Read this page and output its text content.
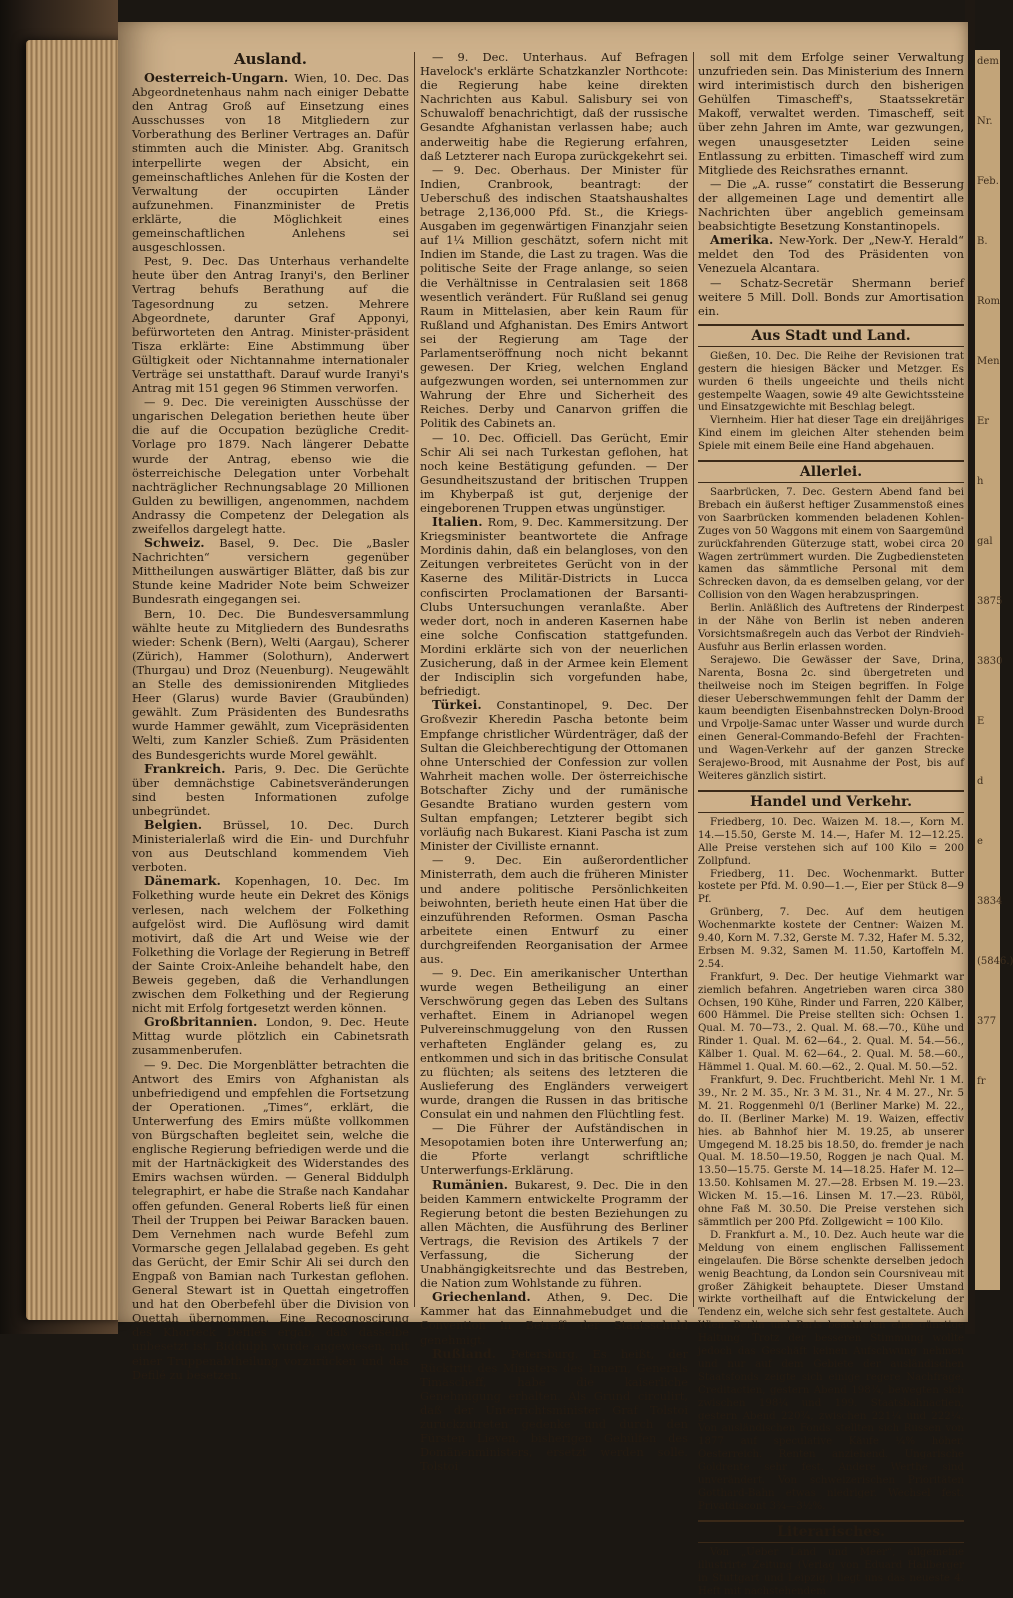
dem
Nr.
Feb.
B.
Rom
Men
Er
h
gal
3875
3830
E
d
e
3834
(5846.)
377
fr
Ausland.

Oesterreich-Ungarn. Wien, 10. Dec. Das Abgeordnetenhaus nahm nach einiger Debatte den Antrag Groß auf Einsetzung eines Ausschusses von 18 Mitgliedern zur Vorberathung des Berliner Vertrages an. Dafür stimmten auch die Minister. Abg. Granitsch interpellirte wegen der Absicht, ein gemeinschaftliches Anlehen für die Kosten der Verwaltung der occupirten Länder aufzunehmen. Finanzminister de Pretis erklärte, die Möglichkeit eines gemeinschaftlichen Anlehens sei ausgeschlossen.

Pest, 9. Dec. Das Unterhaus verhandelte heute über den Antrag Iranyi's, den Berliner Vertrag behufs Berathung auf die Tagesordnung zu setzen. Mehrere Abgeordnete, darunter Graf Apponyi, befürworteten den Antrag. Minister-präsident Tisza erklärte: Eine Abstimmung über Gültigkeit oder Nichtannahme internationaler Verträge sei unstatthaft. Darauf wurde Iranyi's Antrag mit 151 gegen 96 Stimmen verworfen.

— 9. Dec. Die vereinigten Ausschüsse der ungarischen Delegation beriethen heute über die auf die Occupation bezügliche Credit-Vorlage pro 1879. Nach längerer Debatte wurde der Antrag, ebenso wie die österreichische Delegation unter Vorbehalt nachträglicher Rechnungsablage 20 Millionen Gulden zu bewilligen, angenommen, nachdem Andrassy die Competenz der Delegation als zweifellos dargelegt hatte.

Schweiz. Basel, 9. Dec. Die „Basler Nachrichten“ versichern gegenüber Mittheilungen auswärtiger Blätter, daß bis zur Stunde keine Madrider Note beim Schweizer Bundesrath eingegangen sei.

Bern, 10. Dec. Die Bundesversammlung wählte heute zu Mitgliedern des Bundesraths wieder: Schenk (Bern), Welti (Aargau), Scherer (Zürich), Hammer (Solothurn), Anderwert (Thurgau) und Droz (Neuenburg). Neugewählt an Stelle des demissionirenden Mitgliedes Heer (Glarus) wurde Bavier (Graubünden) gewählt. Zum Präsidenten des Bundesraths wurde Hammer gewählt, zum Vicepräsidenten Welti, zum Kanzler Schieß. Zum Präsidenten des Bundesgerichts wurde Morel gewählt.

Frankreich. Paris, 9. Dec. Die Gerüchte über demnächstige Cabinetsveränderungen sind besten Informationen zufolge unbegründet.

Belgien. Brüssel, 10. Dec. Durch Ministerialerlaß wird die Ein- und Durchfuhr von aus Deutschland kommendem Vieh verboten.

Dänemark. Kopenhagen, 10. Dec. Im Folkething wurde heute ein Dekret des Königs verlesen, nach welchem der Folkething aufgelöst wird. Die Auflösung wird damit motivirt, daß die Art und Weise wie der Folkething die Vorlage der Regierung in Betreff der Sainte Croix-Anleihe behandelt habe, den Beweis gegeben, daß die Verhandlungen zwischen dem Folkething und der Regierung nicht mit Erfolg fortgesetzt werden können.

Großbritannien. London, 9. Dec. Heute Mittag wurde plötzlich ein Cabinetsrath zusammenberufen.

— 9. Dec. Die Morgenblätter betrachten die Antwort des Emirs von Afghanistan als unbefriedigend und empfehlen die Fortsetzung der Operationen. „Times“, erklärt, die Unterwerfung des Emirs müßte vollkommen von Bürgschaften begleitet sein, welche die englische Regierung befriedigen werde und die mit der Hartnäckigkeit des Widerstandes des Emirs wachsen würden. — General Biddulph telegraphirt, er habe die Straße nach Kandahar offen gefunden. General Roberts ließ für einen Theil der Truppen bei Peiwar Baracken bauen. Dem Vernehmen nach wurde Befehl zum Vormarsche gegen Jellalabad gegeben. Es geht das Gerücht, der Emir Schir Ali sei durch den Engpaß von Bamian nach Turkestan geflohen. General Stewart ist in Quettah eingetroffen und hat den Oberbefehl über die Division von Quettah übernommen. Eine Recognoscirung des Khorteck Defilés ergab, daß dasselbe unbesetzt ist. Biddulph wurde angewiesen, mit einer Truppenabtheilung vorzurücken und das Defilé zu besetzen.

— 9. Dec. Unterhaus. Auf Befragen Havelock's erklärte Schatzkanzler Northcote: die Regierung habe keine direkten Nachrichten aus Kabul. Salisbury sei von Schuwaloff benachrichtigt, daß der russische Gesandte Afghanistan verlassen habe; auch anderweitig habe die Regierung erfahren, daß Letzterer nach Europa zurückgekehrt sei.

— 9. Dec. Oberhaus. Der Minister für Indien, Cranbrook, beantragt: der Ueberschuß des indischen Staatshaushaltes betrage 2,136,000 Pfd. St., die Kriegs-Ausgaben im gegenwärtigen Finanzjahr seien auf 1¼ Million geschätzt, sofern nicht mit Indien im Stande, die Last zu tragen. Was die politische Seite der Frage anlange, so seien die Verhältnisse in Centralasien seit 1868 wesentlich verändert. Für Rußland sei genug Raum in Mittelasien, aber kein Raum für Rußland und Afghanistan. Des Emirs Antwort sei der Regierung am Tage der Parlamentseröffnung noch nicht bekannt gewesen. Der Krieg, welchen England aufgezwungen worden, sei unternommen zur Wahrung der Ehre und Sicherheit des Reiches. Derby und Canarvon griffen die Politik des Cabinets an.

— 10. Dec. Officiell. Das Gerücht, Emir Schir Ali sei nach Turkestan geflohen, hat noch keine Bestätigung gefunden. — Der Gesundheitszustand der britischen Truppen im Khyberpaß ist gut, derjenige der eingeborenen Truppen etwas ungünstiger.

Italien. Rom, 9. Dec. Kammersitzung. Der Kriegsminister beantwortete die Anfrage Mordinis dahin, daß ein belangloses, von den Zeitungen verbreitetes Gerücht von in der Kaserne des Militär-Districts in Lucca confiscirten Proclamationen der Barsanti-Clubs Untersuchungen veranlaßte. Aber weder dort, noch in anderen Kasernen habe eine solche Confiscation stattgefunden. Mordini erklärte sich von der neuerlichen Zusicherung, daß in der Armee kein Element der Indisciplin sich vorgefunden habe, befriedigt.

Türkei. Constantinopel, 9. Dec. Der Großvezir Kheredin Pascha betonte beim Empfange christlicher Würdenträger, daß der Sultan die Gleichberechtigung der Ottomanen ohne Unterschied der Confession zur vollen Wahrheit machen wolle. Der österreichische Botschafter Zichy und der rumänische Gesandte Bratiano wurden gestern vom Sultan empfangen; Letzterer begibt sich vorläufig nach Bukarest. Kiani Pascha ist zum Minister der Civilliste ernannt.

— 9. Dec. Ein außerordentlicher Ministerrath, dem auch die früheren Minister und andere politische Persönlichkeiten beiwohnten, berieth heute einen Hat über die einzuführenden Reformen. Osman Pascha arbeitete einen Entwurf zu einer durchgreifenden Reorganisation der Armee aus.

— 9. Dec. Ein amerikanischer Unterthan wurde wegen Betheiligung an einer Verschwörung gegen das Leben des Sultans verhaftet. Einem in Adrianopel wegen Pulvereinschmuggelung von den Russen verhafteten Engländer gelang es, zu entkommen und sich in das britische Consulat zu flüchten; als seitens des letzteren die Auslieferung des Engländers verweigert wurde, drangen die Russen in das britische Consulat ein und nahmen den Flüchtling fest.

— Die Führer der Aufständischen in Mesopotamien boten ihre Unterwerfung an; die Pforte verlangt schriftliche Unterwerfungs-Erklärung.

Rumänien. Bukarest, 9. Dec. Die in den beiden Kammern entwickelte Programm der Regierung betont die besten Beziehungen zu allen Mächten, die Ausführung des Berliner Vertrags, die Revision des Artikels 7 der Verfassung, die Sicherung der Unabhängigkeitsrechte und das Bestreben, die Nation zum Wohlstande zu führen.

Griechenland. Athen, 9. Dec. Die Kammer hat das Einnahmebudget und die Convention in Betreff der Staatsschuld genehmigt.

Rußland. Petersburg. Es heißt, der Rücktritt des Ministers des Innern, Generals Timascheff, habe die kaiserliche Genehmigung erhalten. Als Grund circulirt, daß der Unterrichtsminister Graf Tolstoi zurückzutreten gedenke und durch den Fürsten Lieven, bisherigen Gehülfen des Domänenministers, ersetzt werden solle. Tolstoi

soll mit dem Erfolge seiner Verwaltung unzufrieden sein. Das Ministerium des Innern wird interimistisch durch den bisherigen Gehülfen Timascheff's, Staatssekretär Makoff, verwaltet werden. Timascheff, seit über zehn Jahren im Amte, war gezwungen, wegen unausgesetzter Leiden seine Entlassung zu erbitten. Timascheff wird zum Mitgliede des Reichsrathes ernannt.

— Die „A. russe“ constatirt die Besserung der allgemeinen Lage und dementirt alle Nachrichten über angeblich gemeinsam beabsichtigte Besetzung Konstantinopels.

Amerika. New-York. Der „New-Y. Herald“ meldet den Tod des Präsidenten von Venezuela Alcantara.

— Schatz-Secretär Shermann berief weitere 5 Mill. Doll. Bonds zur Amortisation ein.

Aus Stadt und Land.

Gießen, 10. Dec. Die Reihe der Revisionen trat gestern die hiesigen Bäcker und Metzger. Es wurden 6 theils ungeeichte und theils nicht gestempelte Waagen, sowie 49 alte Gewichtssteine und Einsatzgewichte mit Beschlag belegt.

Viernheim. Hier hat dieser Tage ein dreijähriges Kind einem im gleichen Alter stehenden beim Spiele mit einem Beile eine Hand abgehauen.

Allerlei.

Saarbrücken, 7. Dec. Gestern Abend fand bei Brebach ein äußerst heftiger Zusammenstoß eines von Saarbrücken kommenden beladenen Kohlen-Zuges von 50 Waggons mit einem von Saargemünd zurückfahrenden Güterzuge statt, wobei circa 20 Wagen zertrümmert wurden. Die Zugbediensteten kamen das sämmtliche Personal mit dem Schrecken davon, da es demselben gelang, vor der Collision von den Wagen herabzuspringen.

Berlin. Anläßlich des Auftretens der Rinderpest in der Nähe von Berlin ist neben anderen Vorsichtsmaßregeln auch das Verbot der Rindvieh-Ausfuhr aus Berlin erlassen worden.

Serajewo. Die Gewässer der Save, Drina, Narenta, Bosna 2c. sind übergetreten und theilweise noch im Steigen begriffen. In Folge dieser Ueberschwemmungen fehlt der Damm der kaum beendigten Eisenbahnstrecken Dolyn-Brood und Vrpolje-Samac unter Wasser und wurde durch einen General-Commando-Befehl der Frachten- und Wagen-Verkehr auf der ganzen Strecke Serajewo-Brood, mit Ausnahme der Post, bis auf Weiteres gänzlich sistirt.

Handel und Verkehr.

Friedberg, 10. Dec. Waizen M. 18.—, Korn M. 14.—15.50, Gerste M. 14.—, Hafer M. 12—12.25. Alle Preise verstehen sich auf 100 Kilo = 200 Zollpfund.

Friedberg, 11. Dec. Wochenmarkt. Butter kostete per Pfd. M. 0.90—1.—, Eier per Stück 8—9 Pf.

Grünberg, 7. Dec. Auf dem heutigen Wochenmarkte kostete der Centner: Waizen M. 9.40, Korn M. 7.32, Gerste M. 7.32, Hafer M. 5.32, Erbsen M. 9.32, Samen M. 11.50, Kartoffeln M. 2.54.

Frankfurt, 9. Dec. Der heutige Viehmarkt war ziemlich befahren. Angetrieben waren circa 380 Ochsen, 190 Kühe, Rinder und Farren, 220 Kälber, 600 Hämmel. Die Preise stellten sich: Ochsen 1. Qual. M. 70—73., 2. Qual. M. 68.—70., Kühe und Rinder 1. Qual. M. 62—64., 2. Qual. M. 54.—56., Kälber 1. Qual. M. 62—64., 2. Qual. M. 58.—60., Hämmel 1. Qual. M. 60.—62., 2. Qual. M. 50.—52.

Frankfurt, 9. Dec. Fruchtbericht. Mehl Nr. 1 M. 39., Nr. 2 M. 35., Nr. 3 M. 31., Nr. 4 M. 27., Nr. 5 M. 21. Roggenmehl 0/1 (Berliner Marke) M. 22., do. II. (Berliner Marke) M. 19. Waizen, effectiv hies. ab Bahnhof hier M. 19.25, ab unserer Umgegend M. 18.25 bis 18.50, do. fremder je nach Qual. M. 18.50—19.50, Roggen je nach Qual. M. 13.50—15.75. Gerste M. 14—18.25. Hafer M. 12—13.50. Kohlsamen M. 27.—28. Erbsen M. 19.—23. Wicken M. 15.—16. Linsen M. 17.—23. Rüböl, ohne Faß M. 30.50. Die Preise verstehen sich sämmtlich per 200 Pfd. Zollgewicht = 100 Kilo.

D. Frankfurt a. M., 10. Dez. Auch heute war die Meldung von einem englischen Fallissement eingelaufen. Die Börse schenkte derselben jedoch wenig Beachtung, da London sein Coursniveau mit großer Zähigkeit behauptete. Dieser Umstand wirkte vortheilhaft auf die Entwickelung der Tendenz ein, welche sich sehr fest gestaltete. Auch Wien, Berlin und Paris beachteten eine günstige Haltung. Trotz der besseren Stimmung wollte jedoch das Geschäft keinen Aufschwung nehmen und nur auf dem Gebiete der ausländischen Staatsfonds zeigte sich einige regere Nachfrage. Creditactien, gestern Abend 198¾, bewegten sich zwischen 198¼ und 199. Staatsbahnactien, gestern Abend 220¾, zwischen 221¼ und 222¼. Von ausländischen Fonds stellten sich Russen von 1877 auf speculative Käufe ¼% höher. Oesterreich. Renten anziehend. Ungarische Goldrente sehr fest. Andere Werthe sind unverändert. Von schweizerischen Prioritäten Gotthard-Bahn etwas niedriger. Wechsel fest. Privatdiscont 3¾—3½%.

Literarisches.

Von „Ueber Land und Meer“, allgemeine illustrirte Zeitung (Verlag von Eduard Hallberger in Stuttgart und Leipzig,) liegt uns das neueste 4. Heft mit nachstehendem
